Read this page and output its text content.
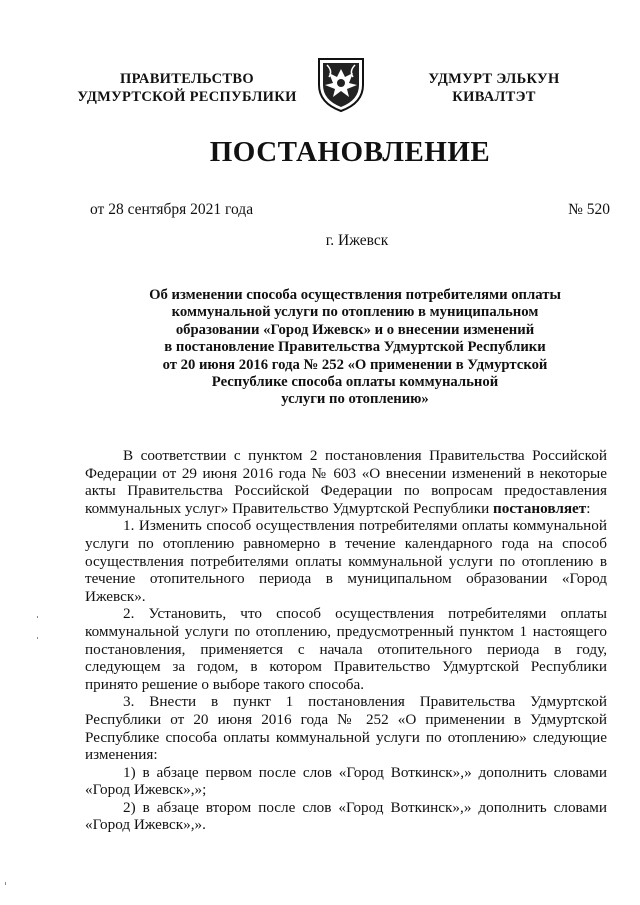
ПРАВИТЕЛЬСТВО
УДМУРТСКОЙ РЕСПУБЛИКИ
УДМУРТ ЭЛЬКУН
КИВАЛТЭТ
ПОСТАНОВЛЕНИЕ
от 28 сентября 2021 года	№ 520
г. Ижевск
Об изменении способа осуществления потребителями оплаты
коммунальной услуги по отоплению в муниципальном
образовании «Город Ижевск» и о внесении изменений
в постановление Правительства Удмуртской Республики
от 20 июня 2016 года № 252 «О применении в Удмуртской
Республике способа оплаты коммунальной
услуги по отоплению»

В соответствии с пунктом 2 постановления Правительства Российской Федерации от 29 июня 2016 года № 603 «О внесении изменений в некоторые акты Правительства Российской Федерации по вопросам предоставления коммунальных услуг» Правительство Удмуртской Республики постановляет:

1. Изменить способ осуществления потребителями оплаты коммунальной услуги по отоплению равномерно в течение календарного года на способ осуществления потребителями оплаты коммунальной услуги по отоплению в течение отопительного периода в муниципальном образовании «Город Ижевск».

2. Установить, что способ осуществления потребителями оплаты коммунальной услуги по отоплению, предусмотренный пунктом 1 настоящего постановления, применяется с начала отопительного периода в году, следующем за годом, в котором Правительство Удмуртской Республики принято решение о выборе такого способа.

3. Внести в пункт 1 постановления Правительства Удмуртской Республики от 20 июня 2016 года № 252 «О применении в Удмуртской Республике способа оплаты коммунальной услуги по отоплению» следующие изменения:

1) в абзаце первом после слов «Город Воткинск»,» дополнить словами «Город Ижевск»,»;

2) в абзаце втором после слов «Город Воткинск»,» дополнить словами «Город Ижевск»,».
